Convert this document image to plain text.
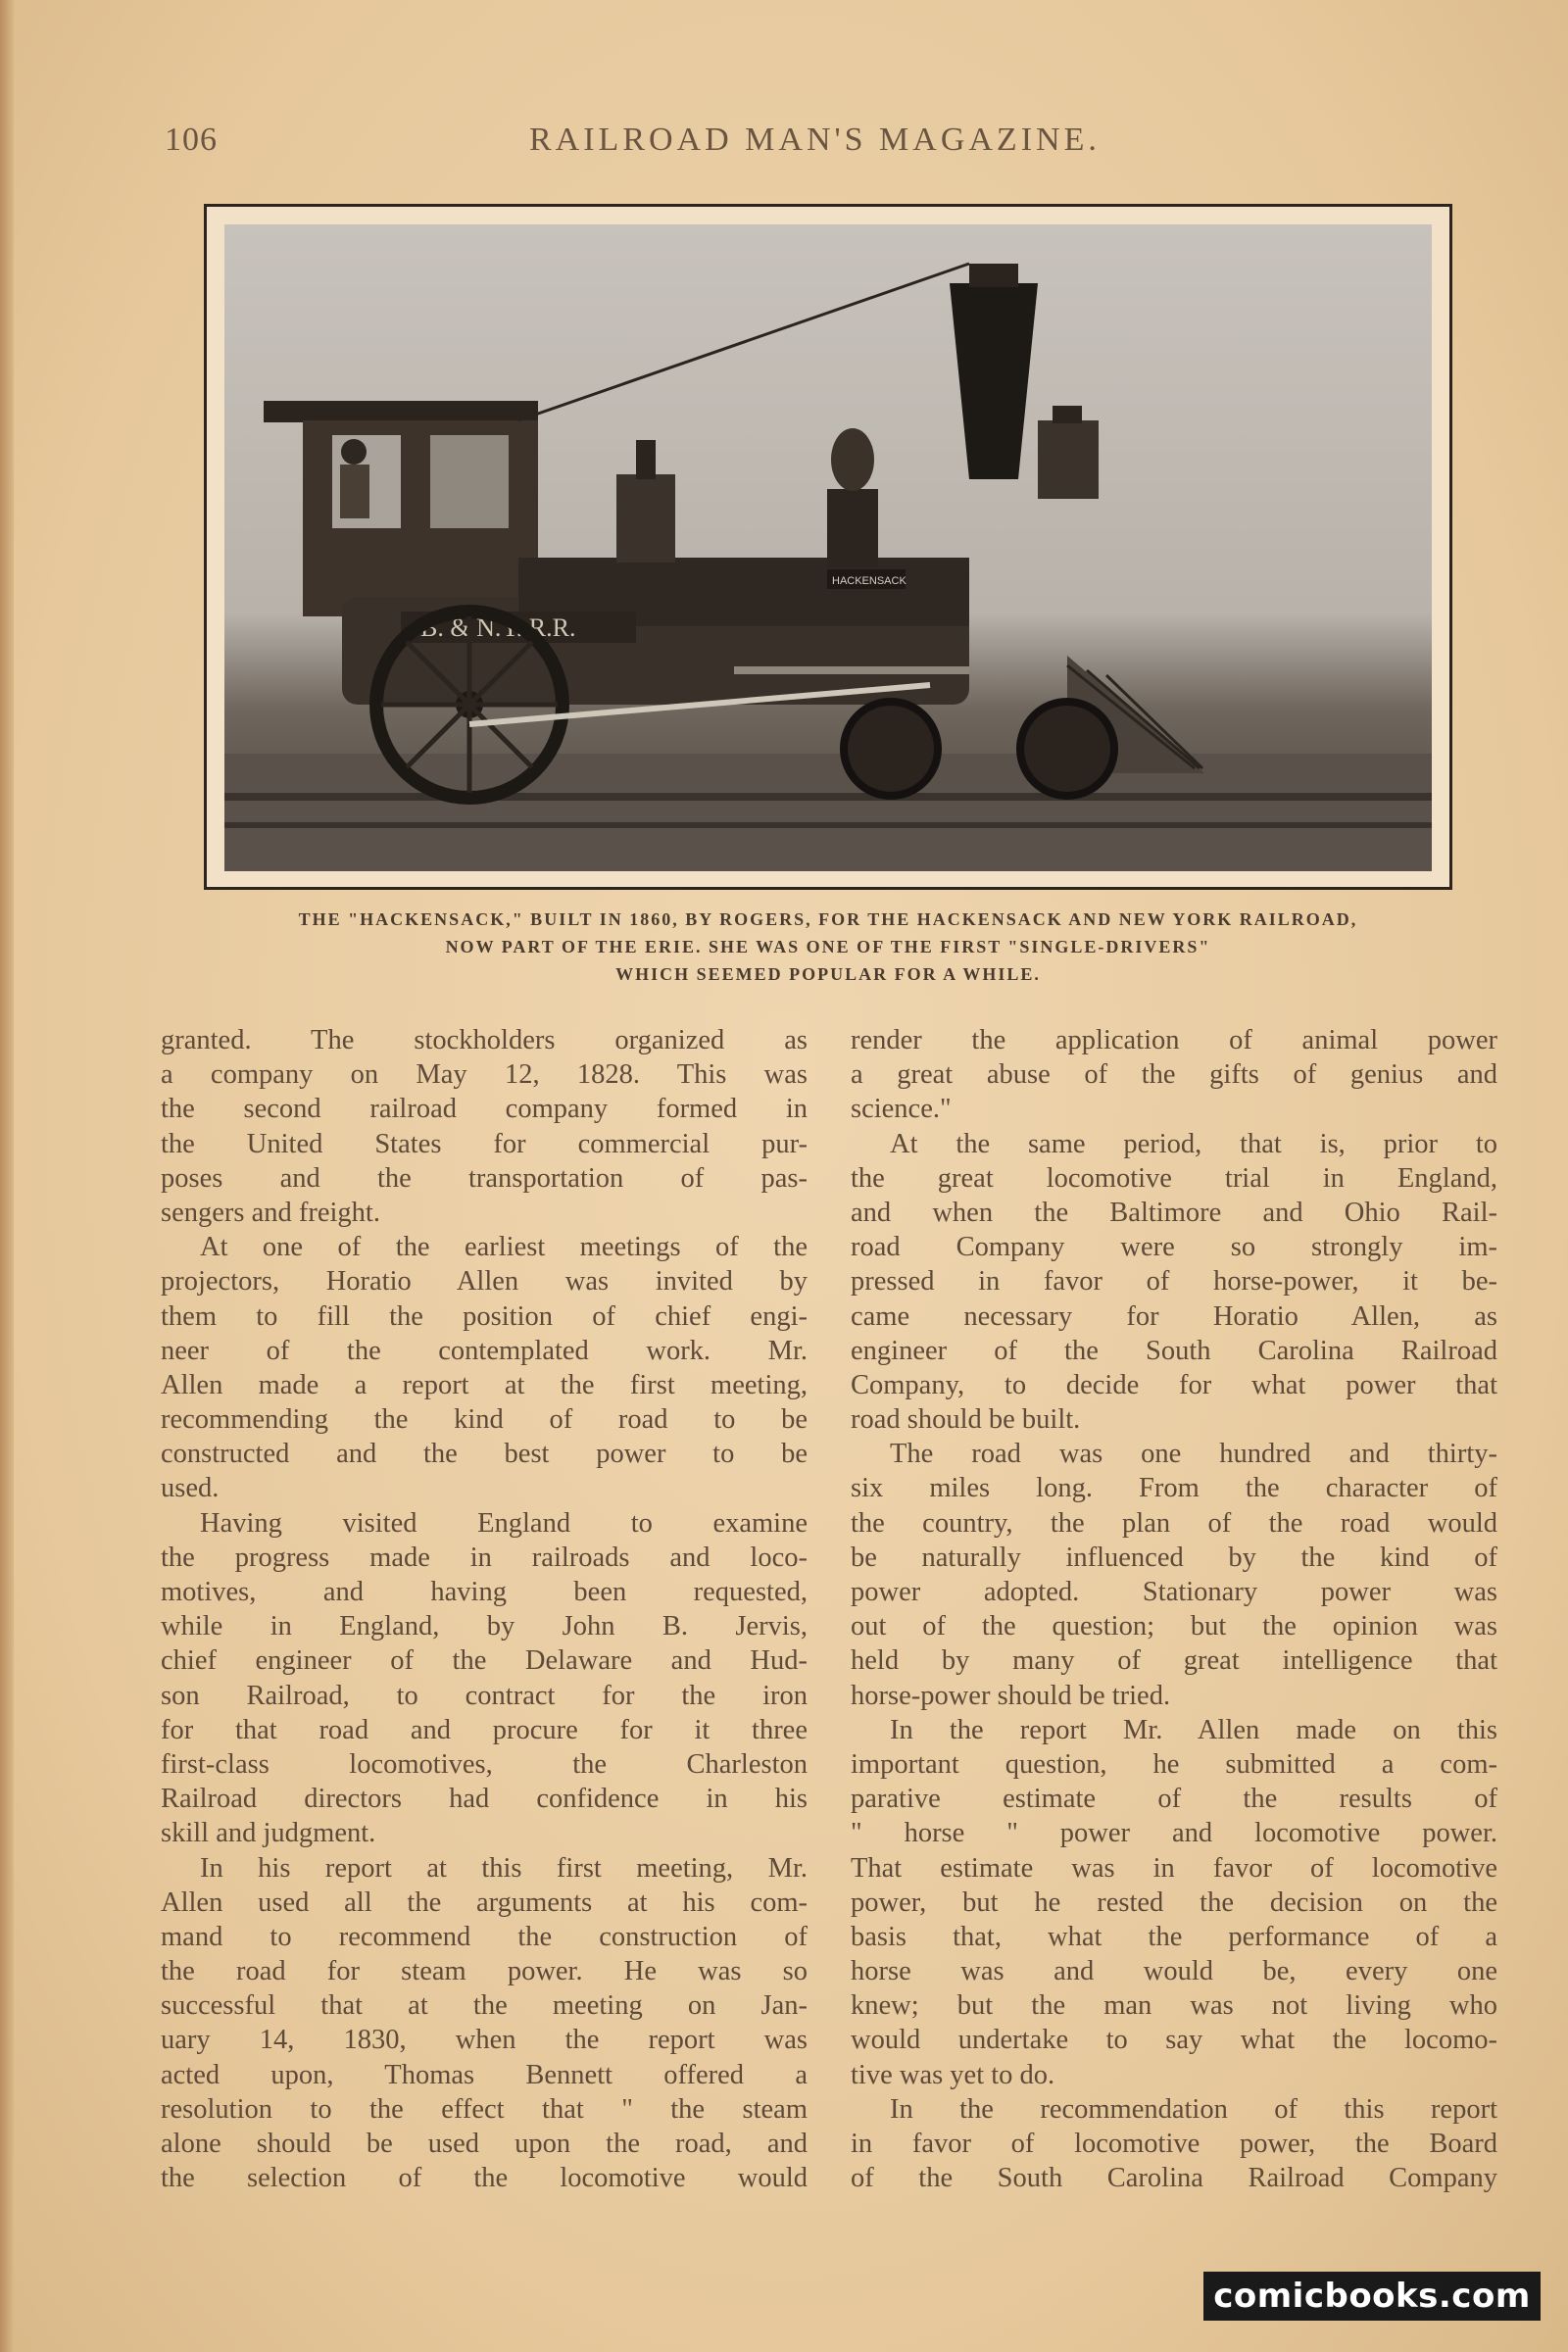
106	RAILROAD MAN'S MAGAZINE.
B. & N.Y. R.R.
HACKENSACK
THE "HACKENSACK," BUILT IN 1860, BY ROGERS, FOR THE HACKENSACK AND NEW YORK RAILROAD,
NOW PART OF THE ERIE. SHE WAS ONE OF THE FIRST "SINGLE-DRIVERS"
WHICH SEEMED POPULAR FOR A WHILE.
granted. The stockholders organized as
a company on May 12, 1828. This was
the second railroad company formed in
the United States for commercial pur-
poses and the transportation of pas-
sengers and freight.
At one of the earliest meetings of the
projectors, Horatio Allen was invited by
them to fill the position of chief engi-
neer of the contemplated work. Mr.
Allen made a report at the first meeting,
recommending the kind of road to be
constructed and the best power to be
used.
Having visited England to examine
the progress made in railroads and loco-
motives, and having been requested,
while in England, by John B. Jervis,
chief engineer of the Delaware and Hud-
son Railroad, to contract for the iron
for that road and procure for it three
first-class locomotives, the Charleston
Railroad directors had confidence in his
skill and judgment.
In his report at this first meeting, Mr.
Allen used all the arguments at his com-
mand to recommend the construction of
the road for steam power. He was so
successful that at the meeting on Jan-
uary 14, 1830, when the report was
acted upon, Thomas Bennett offered a
resolution to the effect that " the steam
alone should be used upon the road, and
the selection of the locomotive would
render the application of animal power
a great abuse of the gifts of genius and
science."
At the same period, that is, prior to
the great locomotive trial in England,
and when the Baltimore and Ohio Rail-
road Company were so strongly im-
pressed in favor of horse-power, it be-
came necessary for Horatio Allen, as
engineer of the South Carolina Railroad
Company, to decide for what power that
road should be built.
The road was one hundred and thirty-
six miles long. From the character of
the country, the plan of the road would
be naturally influenced by the kind of
power adopted. Stationary power was
out of the question; but the opinion was
held by many of great intelligence that
horse-power should be tried.
In the report Mr. Allen made on this
important question, he submitted a com-
parative estimate of the results of
" horse " power and locomotive power.
That estimate was in favor of locomotive
power, but he rested the decision on the
basis that, what the performance of a
horse was and would be, every one
knew; but the man was not living who
would undertake to say what the locomo-
tive was yet to do.
In the recommendation of this report
in favor of locomotive power, the Board
of the South Carolina Railroad Company
comicbooks.com
